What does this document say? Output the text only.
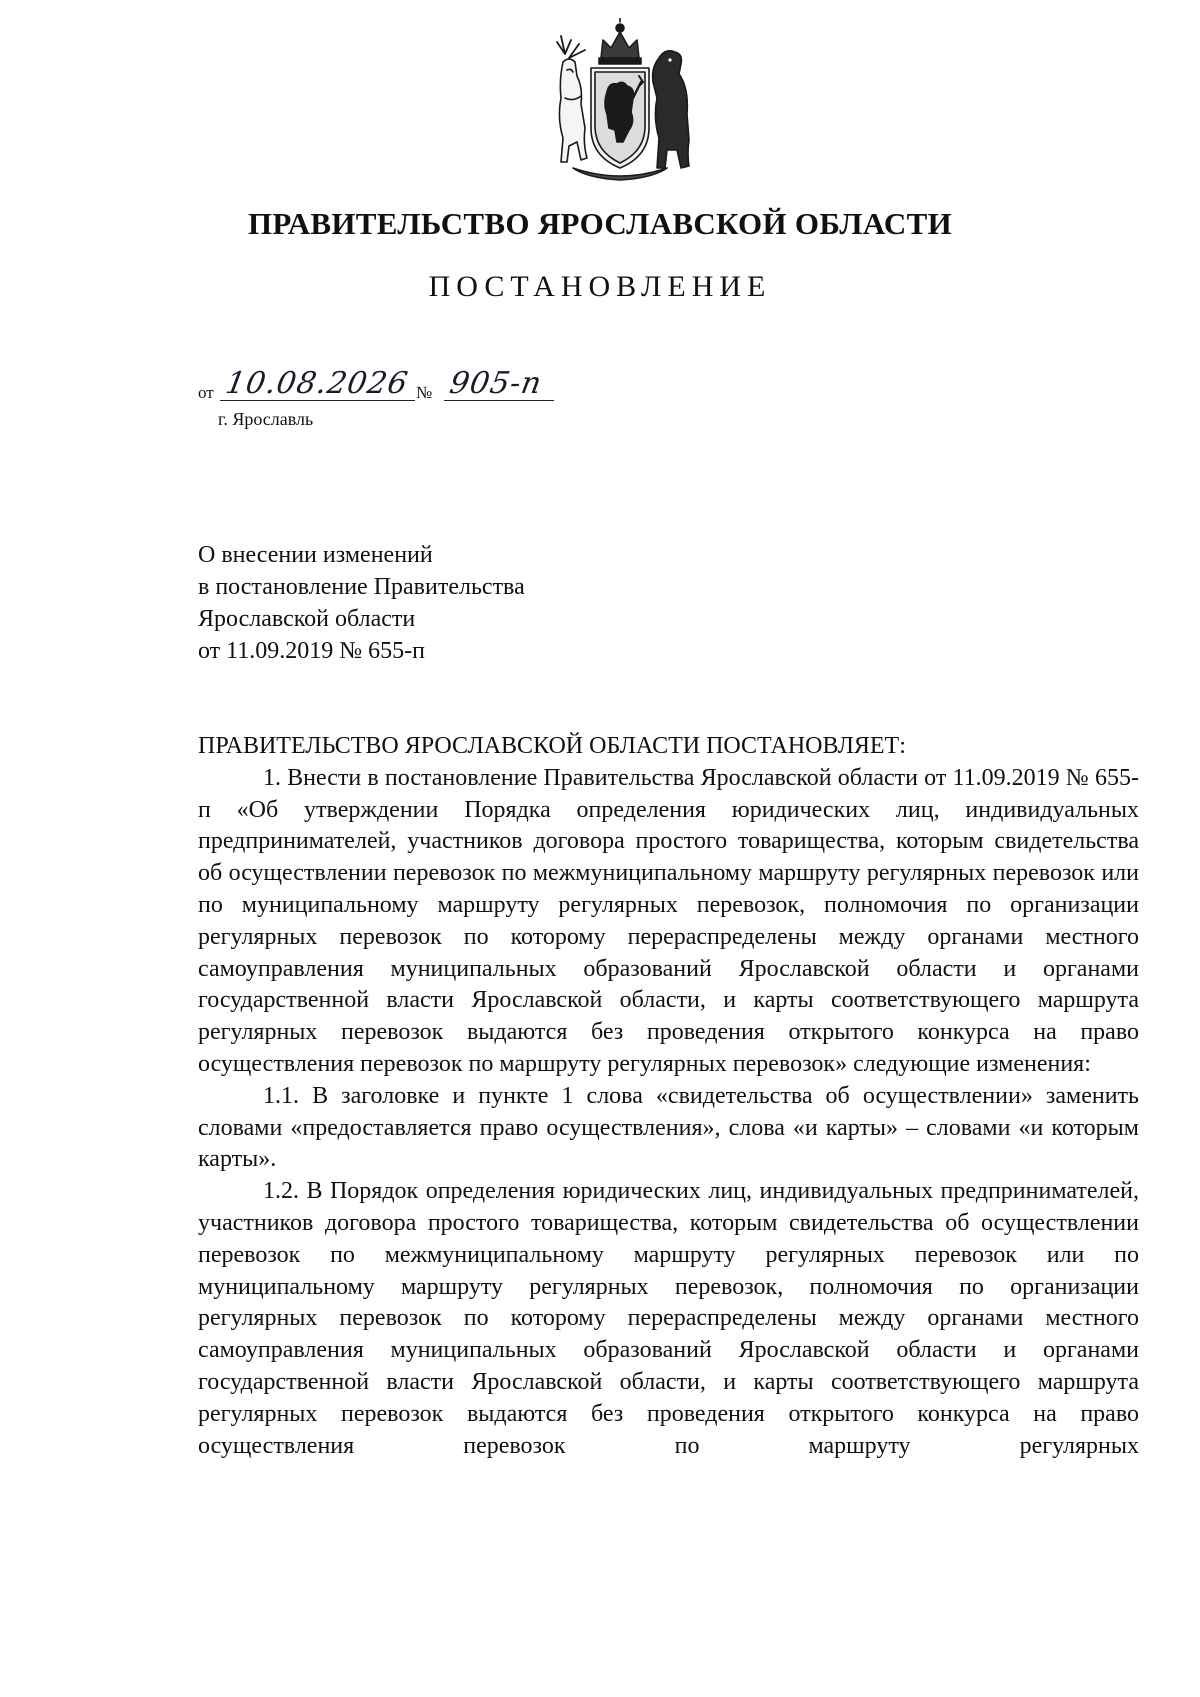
ПРАВИТЕЛЬСТВО ЯРОСЛАВСКОЙ ОБЛАСТИ
ПОСТАНОВЛЕНИЕ
от 10.08.2026 № 905-п
г. Ярославль
О внесении изменений
в постановление Правительства
Ярославской области
от 11.09.2019 № 655-п
ПРАВИТЕЛЬСТВО ЯРОСЛАВСКОЙ ОБЛАСТИ ПОСТАНОВЛЯЕТ:

1. Внести в постановление Правительства Ярославской области от 11.09.2019 № 655-п «Об утверждении Порядка определения юридических лиц, индивидуальных предпринимателей, участников договора простого товарищества, которым свидетельства об осуществлении перевозок по межмуниципальному маршруту регулярных перевозок или по муниципальному маршруту регулярных перевозок, полномочия по организации регулярных перевозок по которому перераспределены между органами местного самоуправления муниципальных образований Ярославской области и органами государственной власти Ярославской области, и карты соответствующего маршрута регулярных перевозок выдаются без проведения открытого конкурса на право осуществления перевозок по маршруту регулярных перевозок» следующие изменения:

1.1. В заголовке и пункте 1 слова «свидетельства об осуществлении» заменить словами «предоставляется право осуществления», слова «и карты» – словами «и которым карты».

1.2. В Порядок определения юридических лиц, индивидуальных предпринимателей, участников договора простого товарищества, которым свидетельства об осуществлении перевозок по межмуниципальному маршруту регулярных перевозок или по муниципальному маршруту регулярных перевозок, полномочия по организации регулярных перевозок по которому перераспределены между органами местного самоуправления муниципальных образований Ярославской области и органами государственной власти Ярославской области, и карты соответствующего маршрута регулярных перевозок выдаются без проведения открытого конкурса на право осуществления перевозок по маршруту регулярных
